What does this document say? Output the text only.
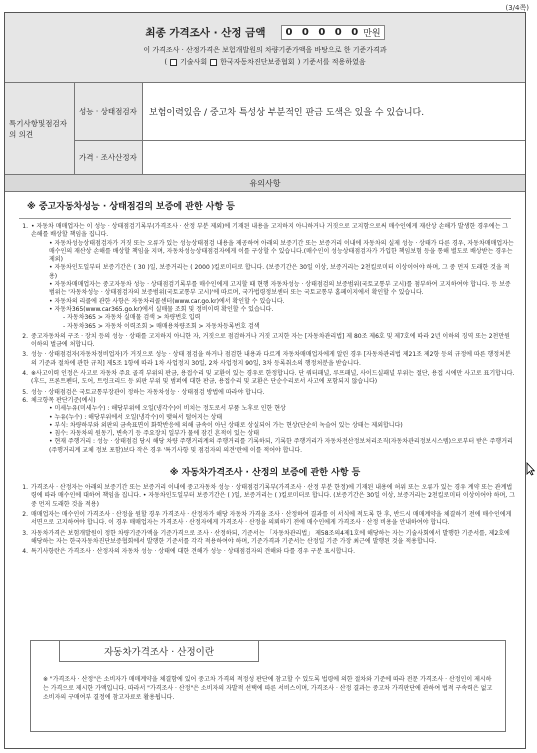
(3/4쪽)
최종 가격조사 · 산정 금액 0 0 0 0 0 만원
이 가격조사 · 산정가격은 보험개발원의 차량기준가액을 바탕으로 한 기준가격과
( 기술사회 한국자동차진단보증협회 ) 기준서를 적용하였음
특기사항및점검자의 의견
성능 · 상태점검자	보험이력있음 / 중고차 특성상 부분적인 판금 도색은 있을 수 있습니다.
가격 · 조사산정자
유의사항
※ 중고자동차성능 · 상태점검의 보증에 관한 사항 등
1. • 자동차 매매업자는 이 성능 · 상태점검기록부(가격조사 · 산정 부분 제외)에 기재된 내용을 고지하지 아니하거나 거짓으로 고지함으로써 매수인에게 재산상 손해가 발생한 경우에는 그 손해를 배상할 책임을 집니다.
• 자동차성능상태점검자가 거짓 또는 오류가 있는 성능상태점검 내용을 제공하여 아래의 보증기간 또는 보증거리 이내에 자동차의 실제 성능 · 상태가 다른 경우, 자동차매매업자는 매수인의 재산상 손해를 배상할 책임을 지며, 자동차성능상태점검자에게 이를 구상할 수 있습니다.(매수인이 성능상태점검자가 가입한 책임보험 등을 통해 별도로 배상받는 경우는 제외)
• 자동차인도일부터 보증기간은 ( 30 )일, 보증거리는 ( 2000 )킬로미터로 합니다. (보증기간은 30일 이상, 보증거리는 2천킬로미터 이상이어야 하며, 그 중 먼저 도래한 것을 적용)
• 자동차매매업자는 중고자동차 성능 · 상태점검기록부를 매수인에게 고지할 때 현행 자동차성능 · 상태점검의 보증범위(국토교통부 고시)를 첨부하여 고지하여야 합니다. 등 보증범위는 '자동차성능 · 상태점검자의 보증범위(국토교통부 고시)'에 따르며, 국가법령정보센터 또는 국토교통부 홈페이지에서 확인할 수 있습니다.
• 자동차의 리콜에 관한 사항은 자동차리콜센터(www.car.go.kr)에서 확인할 수 있습니다.
• 자동차365(www.car365.go.kr)에서 실매물 조회 및 정비이력 확인할 수 있습니다.
- 자동차365 > 자동차 실매물 검색 > 차량번호 입력
- 자동차365 > 자동차 이력조회 > 매매용차량조회 > 자동차등록번호 검색
2. 중고자동차의 구조 · 장치 등의 성능 · 상태를 고지하지 아니한 자, 거짓으로 점검하거나 거짓 고지한 자는 [자동차관리법] 제 80조 제6호 및 제7호에 따라 2년 이하의 징역 또는 2천만원 이하의 벌금에 처합니다.
3. 성능 · 상태점검자(자동차정비업자)가 거짓으로 성능 · 상태 점검을 하거나 점검한 내용과 다르게 자동차매매업자에게 알린 경우 [자동차관리법 제21조 제2항 등의 규정에 따른 행정처분의 기준과 절차에 관한 규칙] 제5조 1항에 따라 1차 사업정지 30일, 2차 사업정지 90일, 3차 등록취소의 행정처분을 받습니다.
4. ※사고이력 인정은 사고로 자동차 주요 골격 부위의 판금, 용접수리 및 교환이 있는 경우로 한정합니다. 단 쿼터패널, 루프패널, 사이드실패널 부위는 절단, 용접 시에만 사고로 표기합니다. (후드, 프론트펜더, 도어, 트렁크리드 등 외판 부위 및 범퍼에 대한 판금, 용접수리 및 교환은 단순수리로서 사고에 포함되지 않습니다)
5. 성능 · 상태점검은 국토교통부장관이 정하는 자동차성능 · 상태점검 방법에 따라야 합니다.
6. 체크항목 판단기준(예시)
• 미세누유(미세누수) : 해당부위에 오일(냉각수)이 비치는 정도로서 부품 노후로 인한 현상
• 누유(누수) : 해당부위에서 오일(냉각수)이 맺혀서 떨어지는 상태
• 부식: 차량하부와 외판의 금속표면이 화학반응에 의해 금속이 아닌 상태로 상실되어 가는 현상(단순히 녹슬어 있는 상태는 제외합니다)
• 침수: 자동차의 원동기, 변속기 등 주요장치 일부가 물에 잠긴 흔적이 있는 상태
• 현재 주행거리 : 성능 · 상태점검 당시 해당 차량 주행거리계의 주행거리를 기록하되, 기록한 주행거리가 자동차전산정보처리조직(자동차관리정보시스템)으로부터 받은 주행거리(주행거리계 교체 정보 포함)보다 작은 경우 '특기사항 및 점검자의 의견'란에 이를 적어야 합니다.
※ 자동차가격조사 · 산정의 보증에 관한 사항 등
1. 가격조사 · 산정자는 아래의 보증기간 또는 보증거리 이내에 중고자동차 성능 · 상태점검기록부(가격조사 · 산정 부분 한정)에 기재된 내용에 허위 또는 오류가 있는 경우 계약 또는 관계법령에 따라 매수인에 대하여 책임을 집니다. • 자동차인도일부터 보증기간은 ( )일, 보증거리는 ( )킬로미터로 합니다. (보증기간은 30일 이상, 보증거리는 2천킬로미터 이상이어야 하며, 그 중 먼저 도래한 것을 적용)
2. 매매업자는 매수인이 가격조사 · 산정을 원할 경우 가격조사 · 산정자가 해당 자동차 가격을 조사 · 산정하여 결과를 이 서식에 적도록 한 후, 반드시 매매계약을 체결하기 전에 매수인에게 서면으로 고지하여야 합니다. 이 경우 매매업자는 가격조사 · 산정자에게 가격조사 · 산정을 의뢰하기 전에 매수인에게 가격조사 · 산정 비용을 안내하여야 합니다.
3. 자동차가격은 보험개발원이 정한 차량기준가액을 기준가격으로 조사 · 산정하되, 기준서는 「자동차관리법」 제58조의4제1호에 해당하는 자는 기술사회에서 발행한 기준서를, 제2호에 해당하는 자는 한국자동차진단보증협회에서 발행한 기준서를 각각 적용하여야 하며, 기준가격과 기준서는 산정일 기준 가장 최근에 발행된 것을 적용합니다.
4. 특기사항란은 가격조사 · 산정자의 자동차 성능 · 상태에 대한 견해가 성능 · 상태점검자의 견해와 다를 경우 구분 표시합니다.
자동차가격조사 · 산정이란
※ "가격조사 · 산정"은 소비자가 매매계약을 체결함에 있어 중고차 가격의 적정성 판단에 참고할 수 있도록 법령에 의한 절차와 기준에 따라 전문 가격조사 · 산정인이 제시하는 가격으로 제시한 가액입니다. 따라서 "가격조사 · 산정"은 소비자의 자발적 선택에 따른 서비스이며, 가격조사 · 산정 결과는 중고차 가격판단에 관하여 법적 구속력은 없고 소비자의 구매여부 결정에 참고자료로 활용됩니다.
